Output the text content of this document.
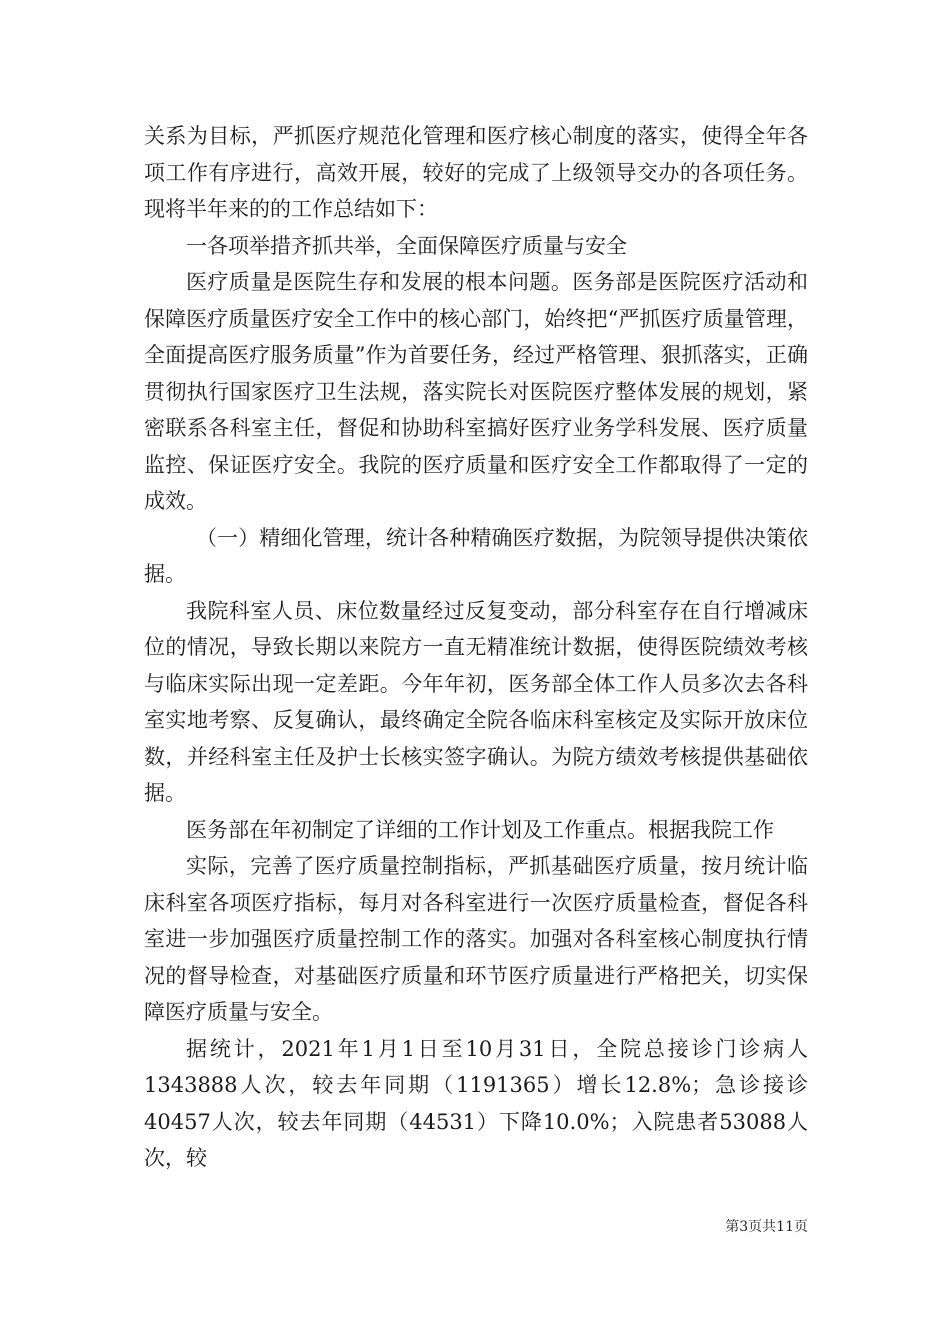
关系为目标，严抓医疗规范化管理和医疗核心制度的落实，使得全年各项工作有序进行，高效开展，较好的完成了上级领导交办的各项任务。现将半年来的的工作总结如下：

一各项举措齐抓共举，全面保障医疗质量与安全

医疗质量是医院生存和发展的根本问题。医务部是医院医疗活动和保障医疗质量医疗安全工作中的核心部门，始终把“严抓医疗质量管理，全面提高医疗服务质量”作为首要任务，经过严格管理、狠抓落实，正确贯彻执行国家医疗卫生法规，落实院长对医院医疗整体发展的规划，紧密联系各科室主任，督促和协助科室搞好医疗业务学科发展、医疗质量监控、保证医疗安全。我院的医疗质量和医疗安全工作都取得了一定的成效。

（一）精细化管理，统计各种精确医疗数据，为院领导提供决策依据。

我院科室人员、床位数量经过反复变动，部分科室存在自行增减床位的情况，导致长期以来院方一直无精准统计数据，使得医院绩效考核与临床实际出现一定差距。今年年初，医务部全体工作人员多次去各科室实地考察、反复确认，最终确定全院各临床科室核定及实际开放床位数，并经科室主任及护士长核实签字确认。为院方绩效考核提供基础依据。

医务部在年初制定了详细的工作计划及工作重点。根据我院工作

实际，完善了医疗质量控制指标，严抓基础医疗质量，按月统计临床科室各项医疗指标，每月对各科室进行一次医疗质量检查，督促各科室进一步加强医疗质量控制工作的落实。加强对各科室核心制度执行情况的督导检查，对基础医疗质量和环节医疗质量进行严格把关，切实保障医疗质量与安全。

据统计，2021年1月1日至10月31日，全院总接诊门诊病人1343888人次，较去年同期（1191365）增长12.8%；急诊接诊40457人次，较去年同期（44531）下降10.0%；入院患者53088人次，较

第3页共11页
